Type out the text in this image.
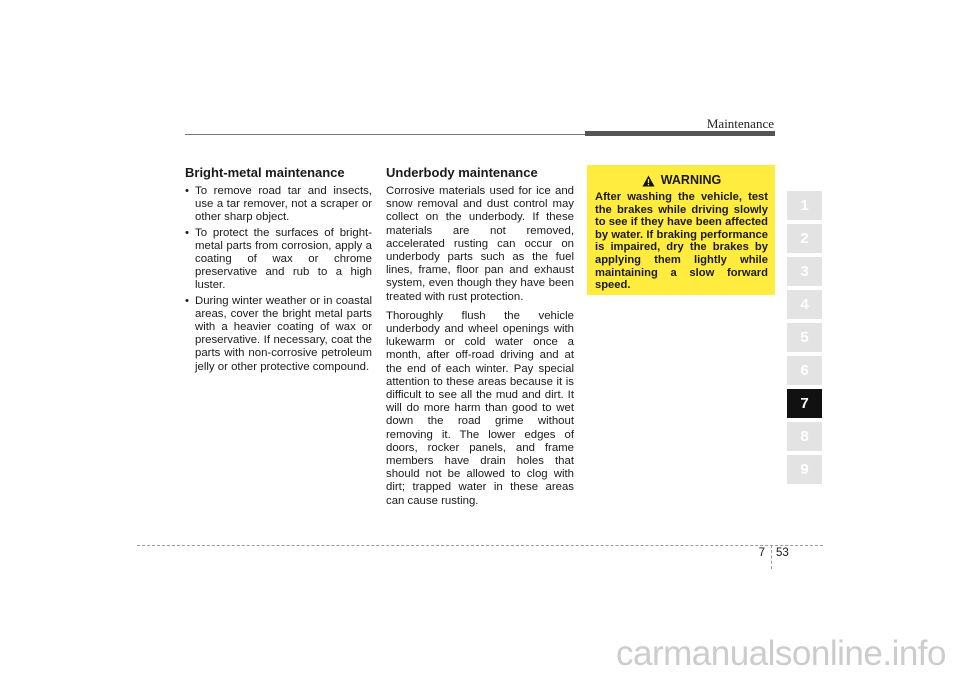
Maintenance
Bright-metal maintenance
• To remove road tar and insects, use a tar remover, not a scraper or other sharp object.
• To protect the surfaces of bright-metal parts from corrosion, apply a coating of wax or chrome preservative and rub to a high luster.
• During winter weather or in coastal areas, cover the bright metal parts with a heavier coating of wax or preservative. If necessary, coat the parts with non-corrosive petroleum jelly or other protective compound.
Underbody maintenance

Corrosive materials used for ice and snow removal and dust control may collect on the underbody. If these materials are not removed, accelerated rusting can occur on underbody parts such as the fuel lines, frame, floor pan and exhaust system, even though they have been treated with rust protection.

Thoroughly flush the vehicle underbody and wheel openings with lukewarm or cold water once a month, after off-road driving and at the end of each winter. Pay special attention to these areas because it is difficult to see all the mud and dirt. It will do more harm than good to wet down the road grime without removing it. The lower edges of doors, rocker panels, and frame members have drain holes that should not be allowed to clog with dirt; trapped water in these areas can cause rusting.

WARNING

After washing the vehicle, test the brakes while driving slowly to see if they have been affected by water. If braking performance is impaired, dry the brakes by applying them lightly while maintaining a slow forward speed.

1
2
3
4
5
6
7
8
9
7 53
carmanualsonline.info
